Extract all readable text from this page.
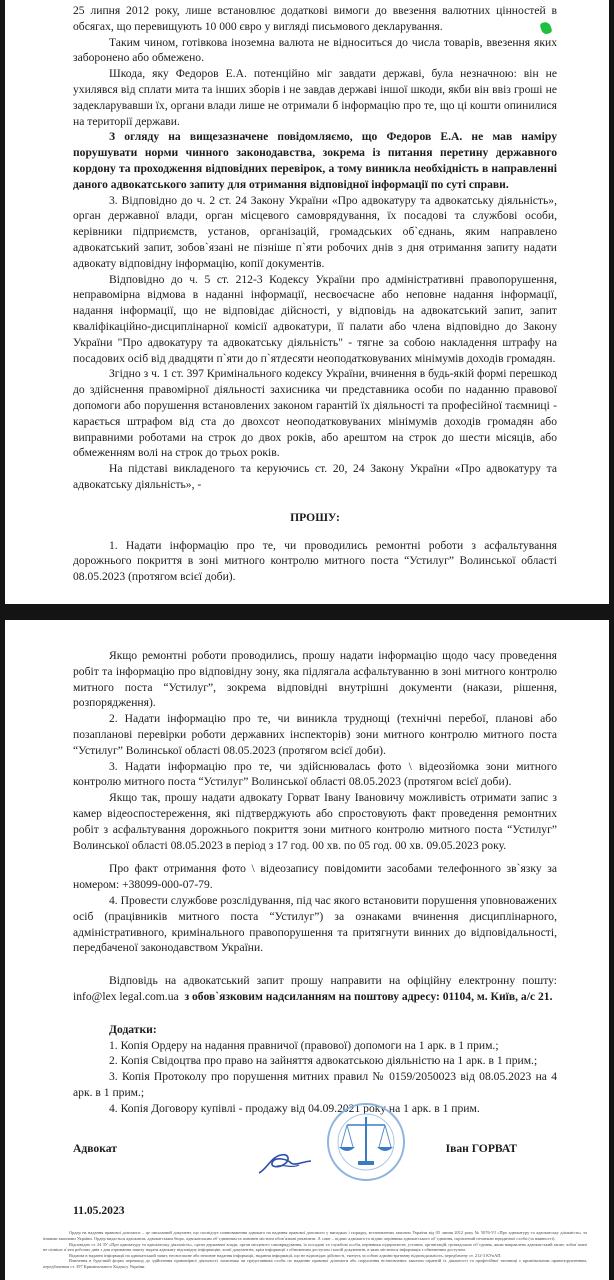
25 липня 2012 року, лише встановлює додаткові вимоги до ввезення валютних цінностей в обсягах, що перевищують 10 000 євро у вигляді письмового декларування.

Таким чином, готівкова іноземна валюта не відноситься до числа товарів, ввезення яких заборонено або обмежено.

Шкода, яку Федоров Е.А. потенційно міг завдати державі, була незначною: він не ухилявся від сплати мита та інших зборів і не завдав державі іншої шкоди, якби він ввіз гроші не задекларувавши їх, органи влади лише не отримали б інформацію про те, що ці кошти опинилися на території держави.

З огляду на вищезазначене повідомляємо, що Федоров Е.А. не мав наміру порушувати норми чинного законодавства, зокрема із питання перетину державного кордону та проходження відповідних перевірок, а тому виникла необхідність в направленні даного адвокатського запиту для отримання відповідної інформації по суті справи.

3. Відповідно до ч. 2 ст. 24 Закону України «Про адвокатуру та адвокатську діяльність», орган державної влади, орган місцевого самоврядування, їх посадові та службові особи, керівники підприємств, установ, організацій, громадських об`єднань, яким направлено адвокатський запит, зобов`язані не пізніше п`яти робочих днів з дня отримання запиту надати адвокату відповідну інформацію, копії документів.

Відповідно до ч. 5 ст. 212-3 Кодексу України про адміністративні правопорушення, неправомірна відмова в наданні інформації, несвоєчасне або неповне надання інформації, надання інформації, що не відповідає дійсності, у відповідь на адвокатський запит, запит кваліфікаційно-дисциплінарної комісії адвокатури, її палати або члена відповідно до Закону України "Про адвокатуру та адвокатську діяльність" - тягне за собою накладення штрафу на посадових осіб від двадцяти п`яти до п`ятдесяти неоподатковуваних мінімумів доходів громадян.

Згідно з ч. 1 ст. 397 Кримінального кодексу України, вчинення в будь-якій формі перешкод до здійснення правомірної діяльності захисника чи представника особи по наданню правової допомоги або порушення встановлених законом гарантій їх діяльності та професійної таємниці - карається штрафом від ста до двохсот неоподатковуваних мінімумів доходів громадян або виправними роботами на строк до двох років, або арештом на строк до шести місяців, або обмеженням волі на строк до трьох років.

На підставі викладеного та керуючись ст. 20, 24 Закону України «Про адвокатуру та адвокатську діяльність», -

ПРОШУ:

1. Надати інформацію про те, чи проводились ремонтні роботи з асфальтування дорожнього покриття в зоні митного контролю митного поста “Устилуг” Волинської області 08.05.2023 (протягом всієї доби).

Якщо ремонтні роботи проводились, прошу надати інформацію щодо часу проведення робіт та інформацію про відповідну зону, яка підлягала асфальтуванню в зоні митного контролю митного поста “Устилуг”, зокрема відповідні внутрішні документи (накази, рішення, розпорядження).

2. Надати інформацію про те, чи виникла труднощі (технічні перебої, планові або позапланові перевірки роботи державних інспекторів) зони митного контролю митного поста “Устилуг” Волинської області 08.05.2023 (протягом всієї доби).

3. Надати інформацію про те, чи здійснювалась фото \ відеозйомка зони митного контролю митного поста “Устилуг” Волинської області 08.05.2023 (протягом всієї доби).

Якщо так, прошу надати адвокату Горват Івану Івановичу можливість отримати запис з камер відеоспостереження, які підтверджують або спростовують факт проведення ремонтних робіт з асфальтування дорожнього покриття зони митного контролю митного поста “Устилуг” Волинської області 08.05.2023 в період з 17 год. 00 хв. по 05 год. 00 хв. 09.05.2023 року.

Про факт отримання фото \ відеозапису повідомити засобами телефонного зв`язку за номером: +38099-000-07-79.

4. Провести службове розслідування, під час якого встановити порушення уповноважених осіб (працівників митного поста “Устилуг”) за ознаками вчинення дисциплінарного, адміністративного, кримінального правопорушення та притягнути винних до відповідальності, передбаченої законодавством України.

Відповідь на адвокатський запит прошу направити на офіційну електронну пошту: info@lex legal.com.ua з обов`язковим надсиланням на поштову адресу: 01104, м. Київ, а/с 21.

Додатки:

1. Копія Ордеру на надання правничої (правової) допомоги на 1 арк. в 1 прим.;

2. Копія Свідоцтва про право на зайняття адвокатською діяльністю на 1 арк. в 1 прим.;

3. Копія Протоколу про порушення митних правил № 0159/2050023 від 08.05.2023 на 4 арк. в 1 прим.;

4. Копія Договору купівлі - продажу від 04.09.2021 року на 1 арк. в 1 прим.

Адвокат	Іван ГОРВАТ

11.05.2023

Ордер на надання правової допомоги – це письмовий документ, що посвідчує повноваження адвоката на надання правової допомоги у випадках і порядку, встановлених законом України від 05 липня 2012 року № 5076-VI «Про адвокатуру та адвокатську діяльність» та іншими законами України. Ордер видається адвокатом, адвокатським бюро, адвокатським об`єднанням та повинен містити обов`язкові реквізити. А саме – підпис адвоката та підпис керівника адвокатського об`єднання, скріплений печаткою юридичної особи (за наявності).

Відповідно ст. 24 ЗУ «Про адвокатуру та адвокатську діяльність», орган державної влади, орган місцевого самоврядування, їх посадові та службові особи, керівники підприємств, установ, організацій, громадських об`єднань, яким направлено адвокатський запит, зобов`язані не пізніше п`яти робочих днів з дня отримання запиту надати адвокату відповідну інформацію, копії документів, крім інформації з обмеженим доступом і копій документів, в яких міститься інформація з обмеженим доступом.

Відмова в наданні інформації на адвокатський запит, несвоєчасне або неповне надання інформації, надання інформації, що не відповідає дійсності, тягнуть за собою адміністративну відповідальність, передбачену ст. 212-3 КУпАП.

Вчинення в будь-якій формі перешкод до здійснення правомірної діяльності захисника чи представника особи по наданню правової допомоги або порушення встановлених законом гарантій їх діяльності та професійної таємниці є кримінальним правопорушенням, передбаченим ст. 397 Кримінального Кодексу України.
